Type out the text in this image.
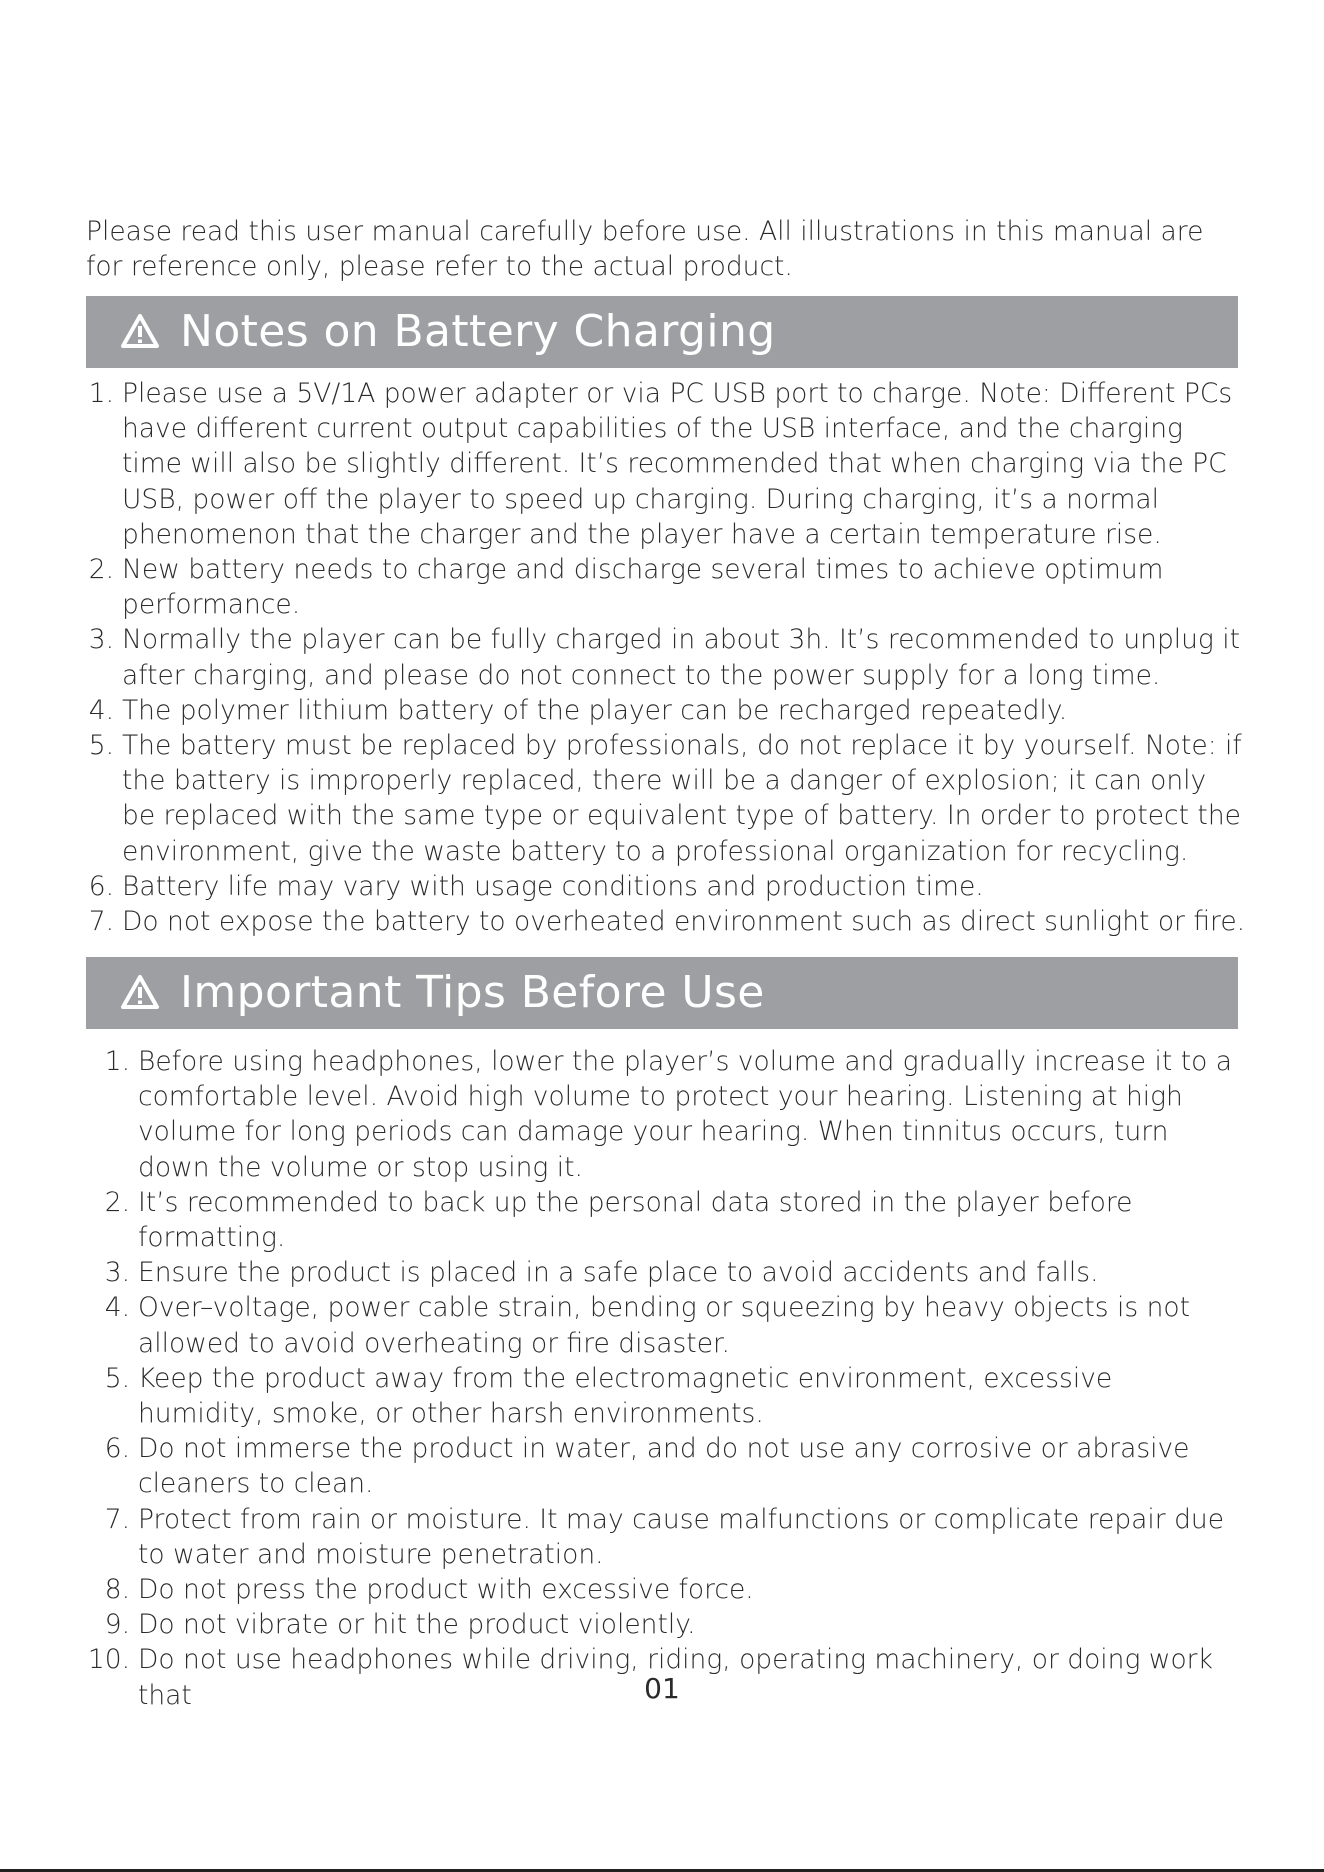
Please read this user manual carefully before use. All illustrations in this manual are for reference only, please refer to the actual product.

Notes on Battery Charging
1. Please use a 5V/1A power adapter or via PC USB port to charge. Note: Different PCs have different current output capabilities of the USB interface, and the charging time will also be slightly different. It’s recommended that when charging via the PC USB, power off the player to speed up charging. During charging, it’s a normal phenomenon that the charger and the player have a certain temperature rise.
2. New battery needs to charge and discharge several times to achieve optimum performance.
3. Normally the player can be fully charged in about 3h. It’s recommended to unplug it after charging, and please do not connect to the power supply for a long time.
4. The polymer lithium battery of the player can be recharged repeatedly.
5. The battery must be replaced by professionals, do not replace it by yourself. Note: if the battery is improperly replaced, there will be a danger of explosion; it can only be replaced with the same type or equivalent type of battery. In order to protect the environment, give the waste battery to a professional organization for recycling.
6. Battery life may vary with usage conditions and production time.
7. Do not expose the battery to overheated environment such as direct sunlight or fire.
Important Tips Before Use
1. Before using headphones, lower the player’s volume and gradually increase it to a comfortable level. Avoid high volume to protect your hearing. Listening at high volume for long periods can damage your hearing. When tinnitus occurs, turn down the volume or stop using it.
2. It’s recommended to back up the personal data stored in the player before formatting.
3. Ensure the product is placed in a safe place to avoid accidents and falls.
4. Over–voltage, power cable strain, bending or squeezing by heavy objects is not allowed to avoid overheating or fire disaster.
5. Keep the product away from the electromagnetic environment, excessive humidity, smoke, or other harsh environments.
6. Do not immerse the product in water, and do not use any corrosive or abrasive cleaners to clean.
7. Protect from rain or moisture. It may cause malfunctions or complicate repair due to water and moisture penetration.
8. Do not press the product with excessive force.
9. Do not vibrate or hit the product violently.
10. Do not use headphones while driving, riding, operating machinery, or doing work that	01
